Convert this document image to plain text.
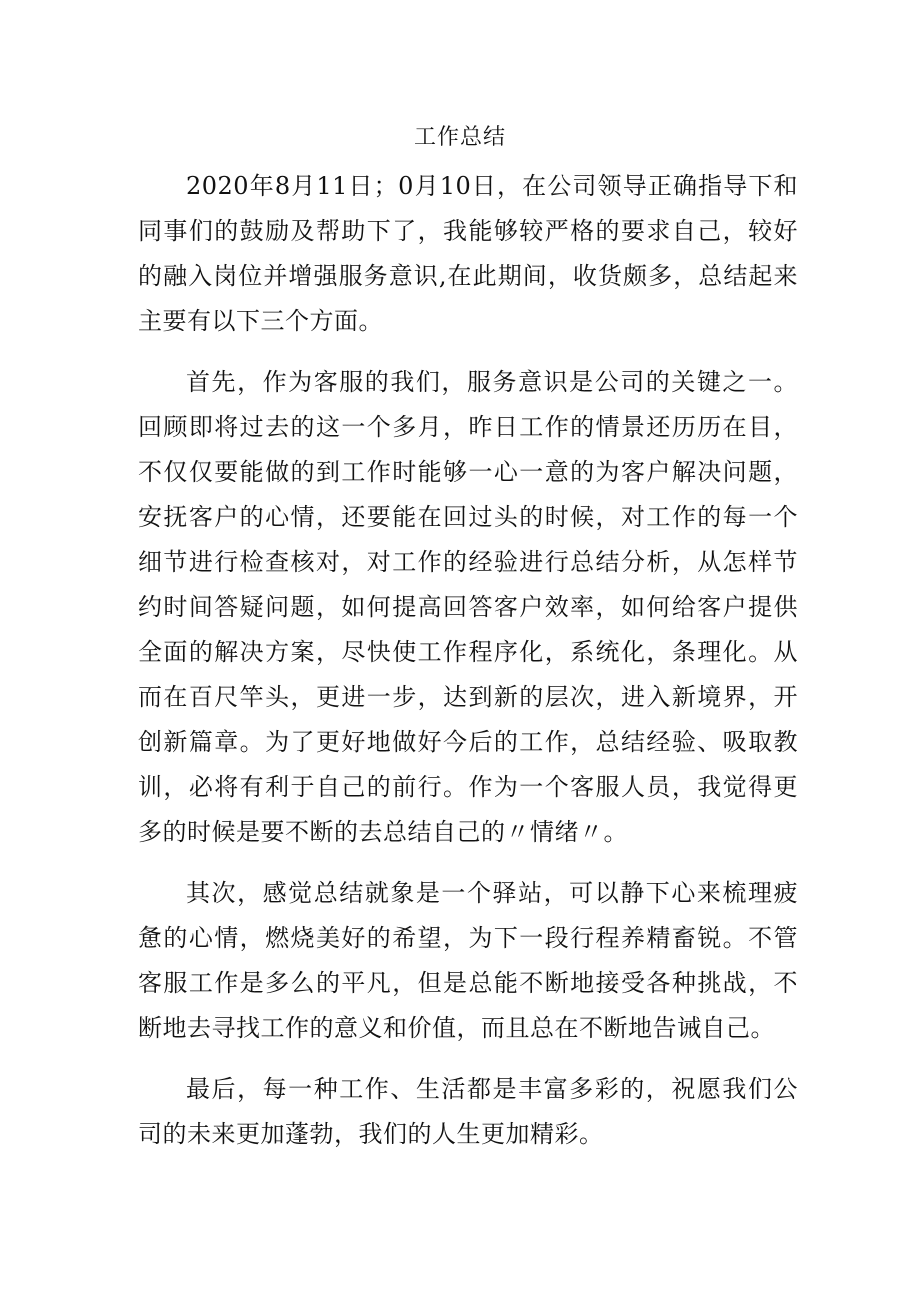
工作总结

2020年8月11日；0月10日，在公司领导正确指导下和同事们的鼓励及帮助下了，我能够较严格的要求自己，较好的融入岗位并增强服务意识,在此期间，收货颇多，总结起来主要有以下三个方面。

首先，作为客服的我们，服务意识是公司的关键之一。回顾即将过去的这一个多月，昨日工作的情景还历历在目，不仅仅要能做的到工作时能够一心一意的为客户解决问题，安抚客户的心情，还要能在回过头的时候，对工作的每一个细节进行检查核对，对工作的经验进行总结分析，从怎样节约时间答疑问题，如何提高回答客户效率，如何给客户提供全面的解决方案，尽快使工作程序化，系统化，条理化。从而在百尺竿头，更进一步，达到新的层次，进入新境界，开创新篇章。为了更好地做好今后的工作，总结经验、吸取教训，必将有利于自己的前行。作为一个客服人员，我觉得更多的时候是要不断的去总结自己的〃情绪〃。

其次，感觉总结就象是一个驿站，可以静下心来梳理疲惫的心情，燃烧美好的希望，为下一段行程养精畜锐。不管客服工作是多么的平凡，但是总能不断地接受各种挑战，不断地去寻找工作的意义和价值，而且总在不断地告诫自己。

最后，每一种工作、生活都是丰富多彩的，祝愿我们公司的未来更加蓬勃，我们的人生更加精彩。
